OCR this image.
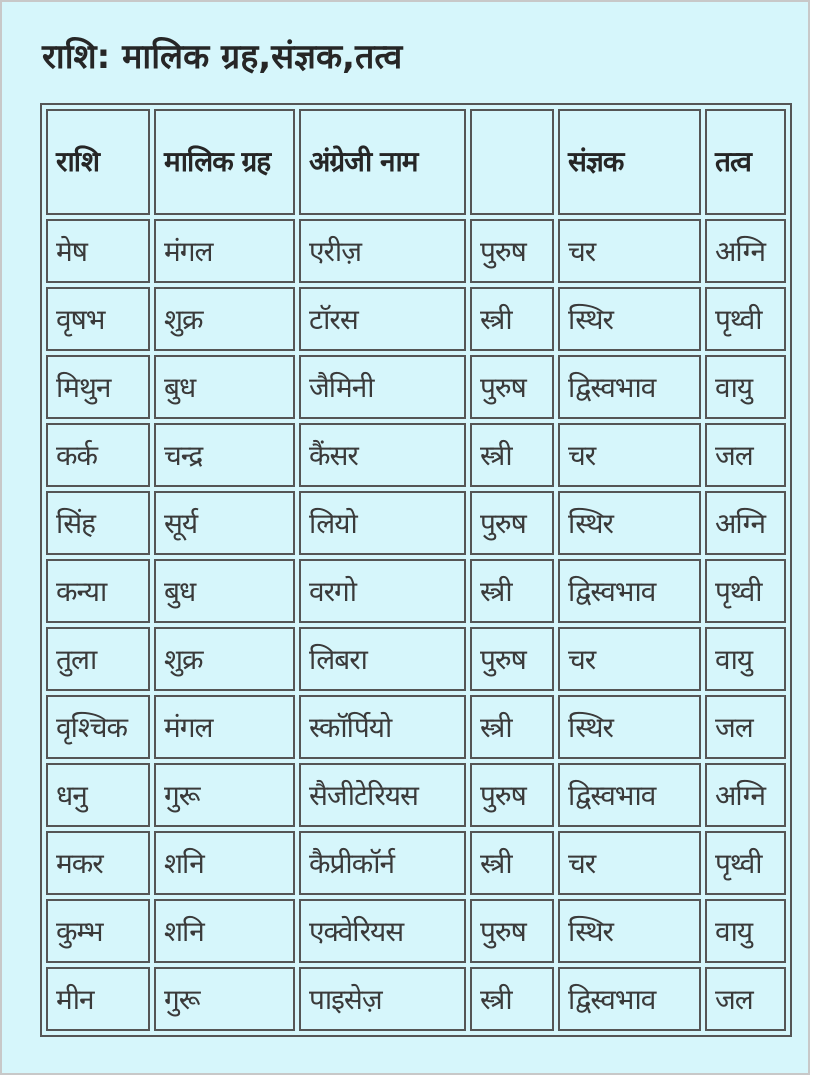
राशि: मालिक ग्रह,संज्ञक,तत्व
राशि	मालिक ग्रह	अंग्रेजी नाम		संज्ञक	तत्व
मेष	मंगल	एरीज़	पुरुष	चर	अग्नि
वृषभ	शुक्र	टॉरस	स्त्री	स्थिर	पृथ्वी
मिथुन	बुध	जैमिनी	पुरुष	द्विस्वभाव	वायु
कर्क	चन्द्र	कैंसर	स्त्री	चर	जल
सिंह	सूर्य	लियो	पुरुष	स्थिर	अग्नि
कन्या	बुध	वरगो	स्त्री	द्विस्वभाव	पृथ्वी
तुला	शुक्र	लिबरा	पुरुष	चर	वायु
वृश्चिक	मंगल	स्कॉर्पियो	स्त्री	स्थिर	जल
धनु	गुरू	सैजीटेरियस	पुरुष	द्विस्वभाव	अग्नि
मकर	शनि	कैप्रीकॉर्न	स्त्री	चर	पृथ्वी
कुम्भ	शनि	एक्वेरियस	पुरुष	स्थिर	वायु
मीन	गुरू	पाइसेज़	स्त्री	द्विस्वभाव	जल
